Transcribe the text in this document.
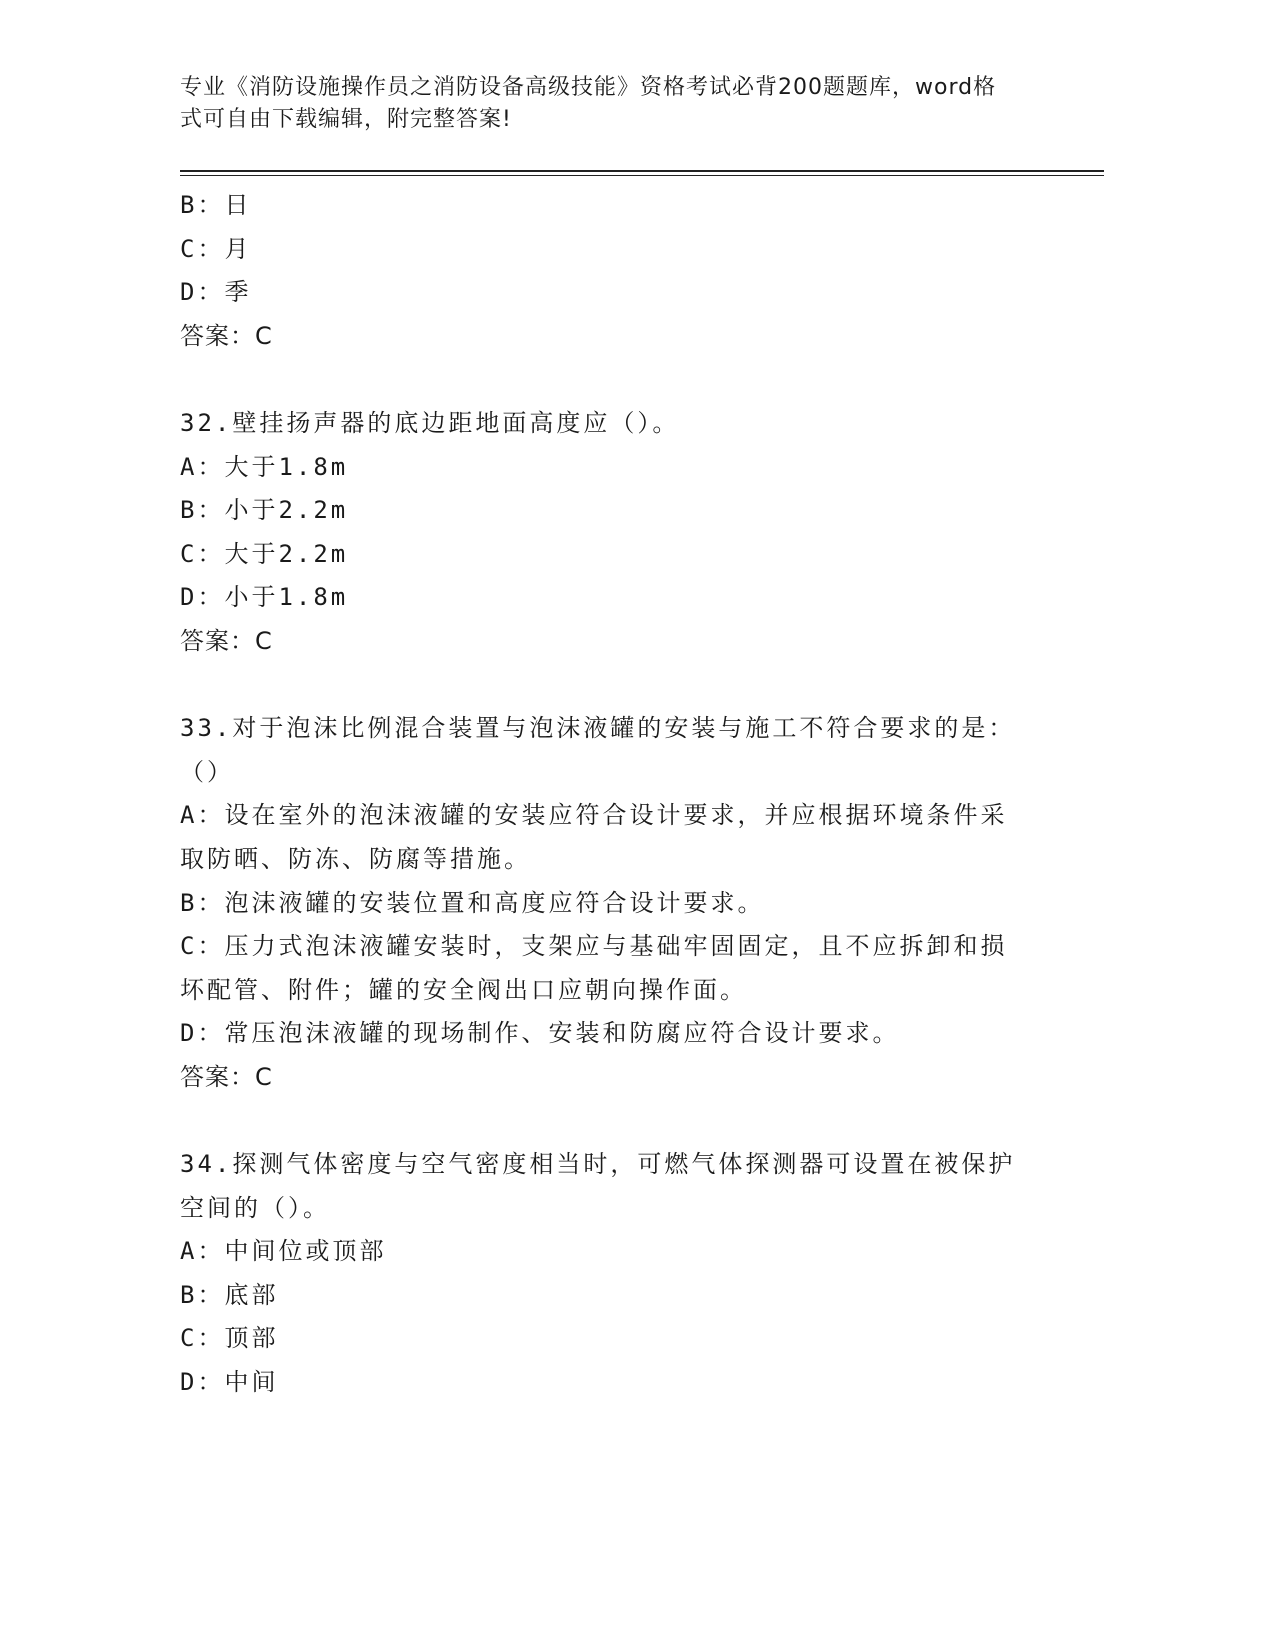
专业《消防设施操作员之消防设备高级技能》资格考试必背200题题库，word格
式可自由下载编辑，附完整答案!
B：日
C：月
D：季
答案：C
32.壁挂扬声器的底边距地面高度应（）。
A：大于1.8m
B：小于2.2m
C：大于2.2m
D：小于1.8m
答案：C
33.对于泡沫比例混合装置与泡沫液罐的安装与施工不符合要求的是：
（）
A：设在室外的泡沫液罐的安装应符合设计要求，并应根据环境条件采
取防晒、防冻、防腐等措施。
B：泡沫液罐的安装位置和高度应符合设计要求。
C：压力式泡沫液罐安装时，支架应与基础牢固固定，且不应拆卸和损
坏配管、附件；罐的安全阀出口应朝向操作面。
D：常压泡沫液罐的现场制作、安装和防腐应符合设计要求。
答案：C
34.探测气体密度与空气密度相当时，可燃气体探测器可设置在被保护
空间的（）。
A：中间位或顶部
B：底部
C：顶部
D：中间
